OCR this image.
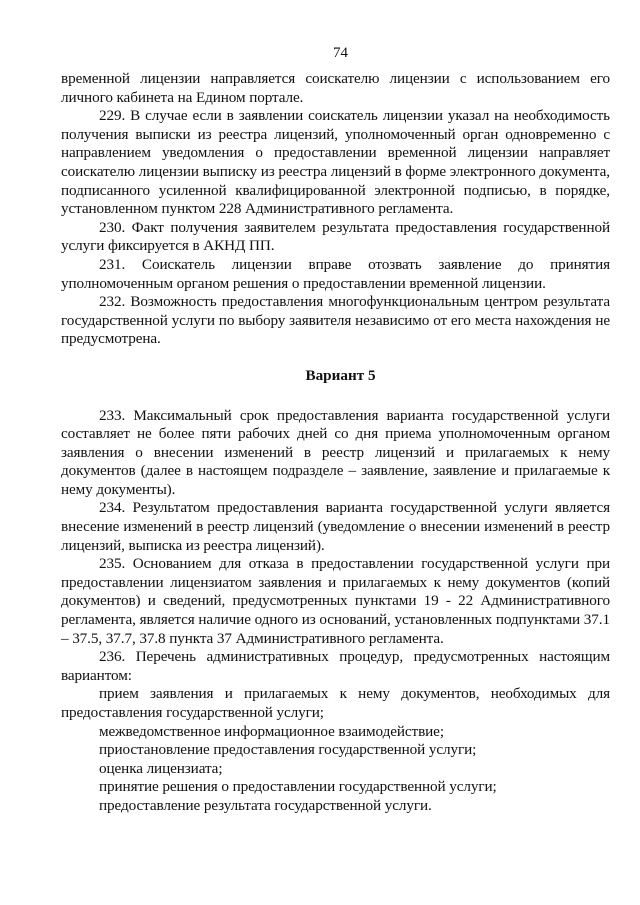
74

временной лицензии направляется соискателю лицензии с использованием его личного кабинета на Едином портале.

229. В случае если в заявлении соискатель лицензии указал на необходимость получения выписки из реестра лицензий, уполномоченный орган одновременно с направлением уведомления о предоставлении временной лицензии направляет соискателю лицензии выписку из реестра лицензий в форме электронного документа, подписанного усиленной квалифицированной электронной подписью, в порядке, установленном пунктом 228 Административного регламента.

230. Факт получения заявителем результата предоставления государственной услуги фиксируется в АКНД ПП.

231. Соискатель лицензии вправе отозвать заявление до принятия уполномоченным органом решения о предоставлении временной лицензии.

232. Возможность предоставления многофункциональным центром результата государственной услуги по выбору заявителя независимо от его места нахождения не предусмотрена.

Вариант 5

233. Максимальный срок предоставления варианта государственной услуги составляет не более пяти рабочих дней со дня приема уполномоченным органом заявления о внесении изменений в реестр лицензий и прилагаемых к нему документов (далее в настоящем подразделе – заявление, заявление и прилагаемые к нему документы).

234. Результатом предоставления варианта государственной услуги является внесение изменений в реестр лицензий (уведомление о внесении изменений в реестр лицензий, выписка из реестра лицензий).

235. Основанием для отказа в предоставлении государственной услуги при предоставлении лицензиатом заявления и прилагаемых к нему документов (копий документов) и сведений, предусмотренных пунктами 19 - 22 Административного регламента, является наличие одного из оснований, установленных подпунктами 37.1 – 37.5, 37.7, 37.8 пункта 37 Административного регламента.

236. Перечень административных процедур, предусмотренных настоящим вариантом:

прием заявления и прилагаемых к нему документов, необходимых для предоставления государственной услуги;

межведомственное информационное взаимодействие;

приостановление предоставления государственной услуги;

оценка лицензиата;

принятие решения о предоставлении государственной услуги;

предоставление результата государственной услуги.
